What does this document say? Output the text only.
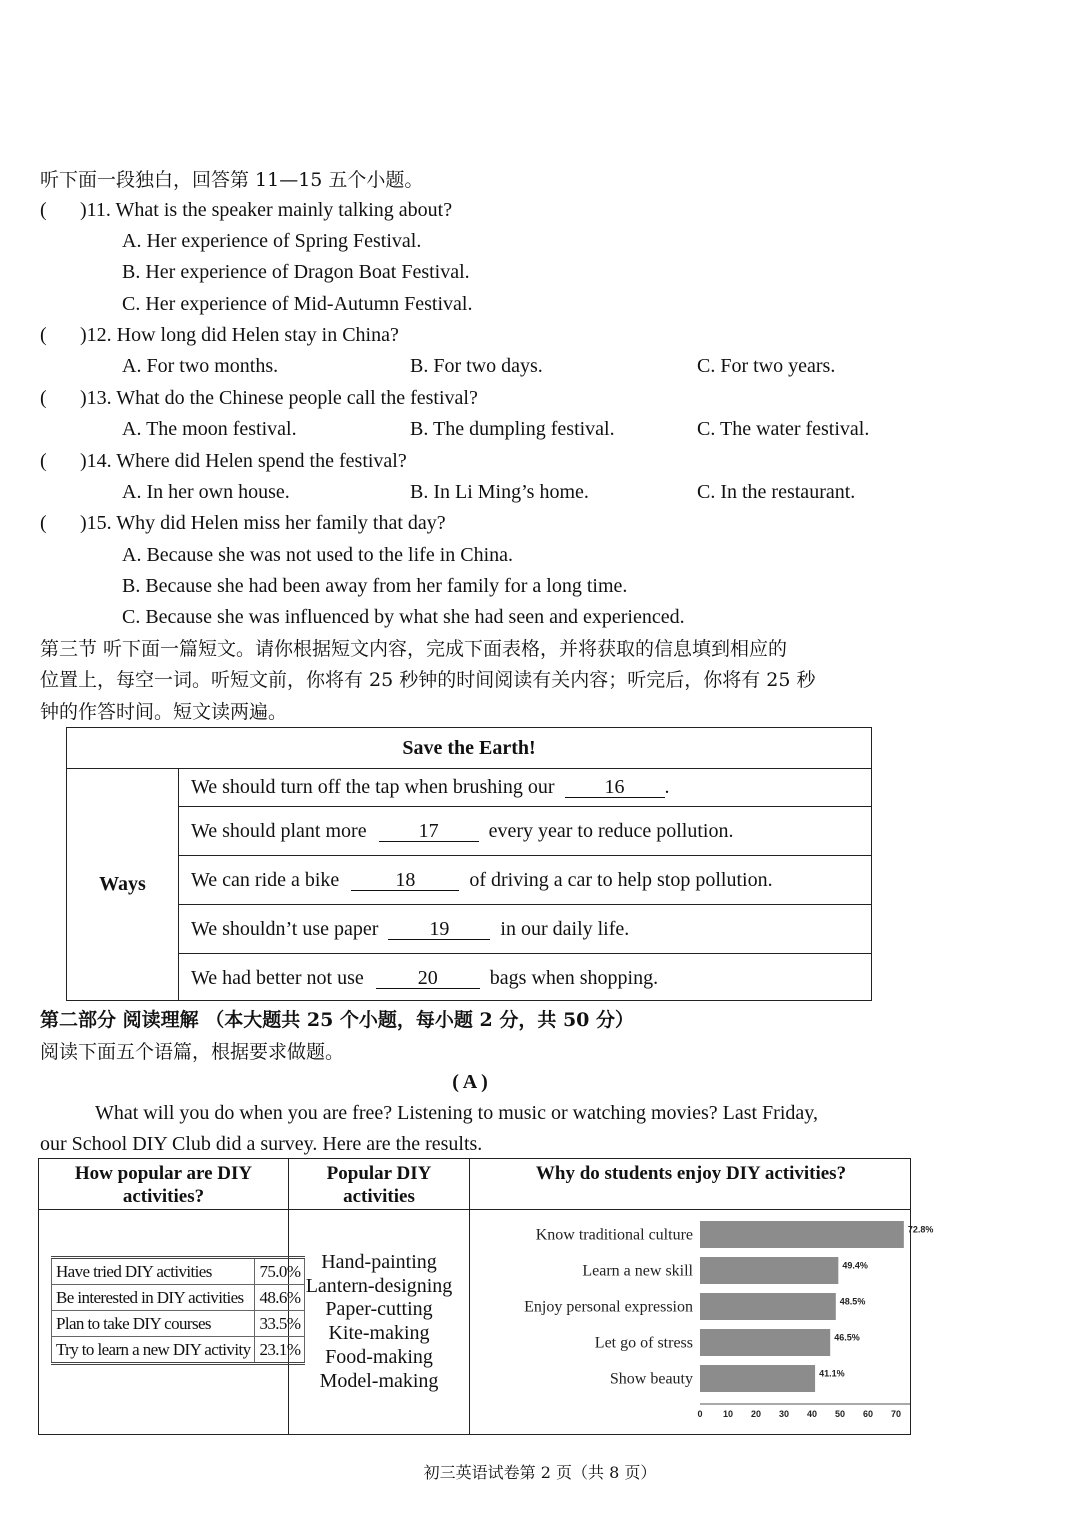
听下面一段独白，回答第 11—15 五个小题。
( )11. What is the speaker mainly talking about?
A. Her experience of Spring Festival.
B. Her experience of Dragon Boat Festival.
C. Her experience of Mid-Autumn Festival.
( )12. How long did Helen stay in China?
A. For two months.	B. For two days.	C. For two years.
( )13. What do the Chinese people call the festival?
A. The moon festival.	B. The dumpling festival.	C. The water festival.
( )14. Where did Helen spend the festival?
A. In her own house.	B. In Li Ming’s home.	C. In the restaurant.
( )15. Why did Helen miss her family that day?
A. Because she was not used to the life in China.
B. Because she had been away from her family for a long time.
C. Because she was influenced by what she had seen and experienced.
第三节 听下面一篇短文。请你根据短文内容，完成下面表格，并将获取的信息填到相应的
位置上，每空一词。听短文前，你将有 25 秒钟的时间阅读有关内容；听完后，你将有 25 秒
钟的作答时间。短文读两遍。
Save the Earth!
Ways
We should turn off the tap when brushing our	16	.
We should plant more	17	every year to reduce pollution.
We can ride a bike	18	of driving a car to help stop pollution.
We shouldn’t use paper	19	in our daily life.
We had better not use	20	bags when shopping.
第二部分 阅读理解 （本大题共 25 个小题，每小题 2 分，共 50 分）
阅读下面五个语篇，根据要求做题。
( A )
What will you do when you are free? Listening to music or watching movies? Last Friday,
our School DIY Club did a survey. Here are the results.
How popular are DIY
activities?
Popular DIY
activities
Why do students enjoy DIY activities?
Have tried DIY activities	75.0%
Be interested in DIY activities	48.6%
Plan to take DIY courses	33.5%
Try to learn a new DIY activity	23.1%
Hand-painting
Lantern-designing
Paper-cutting
Kite-making
Food-making
Model-making
Know traditional culture	72.8%
Learn a new skill	49.4%
Enjoy personal expression	48.5%
Let go of stress	46.5%
Show beauty	41.1%
0 10 20 30 40 50 60 70
初三英语试卷第 2 页（共 8 页）
